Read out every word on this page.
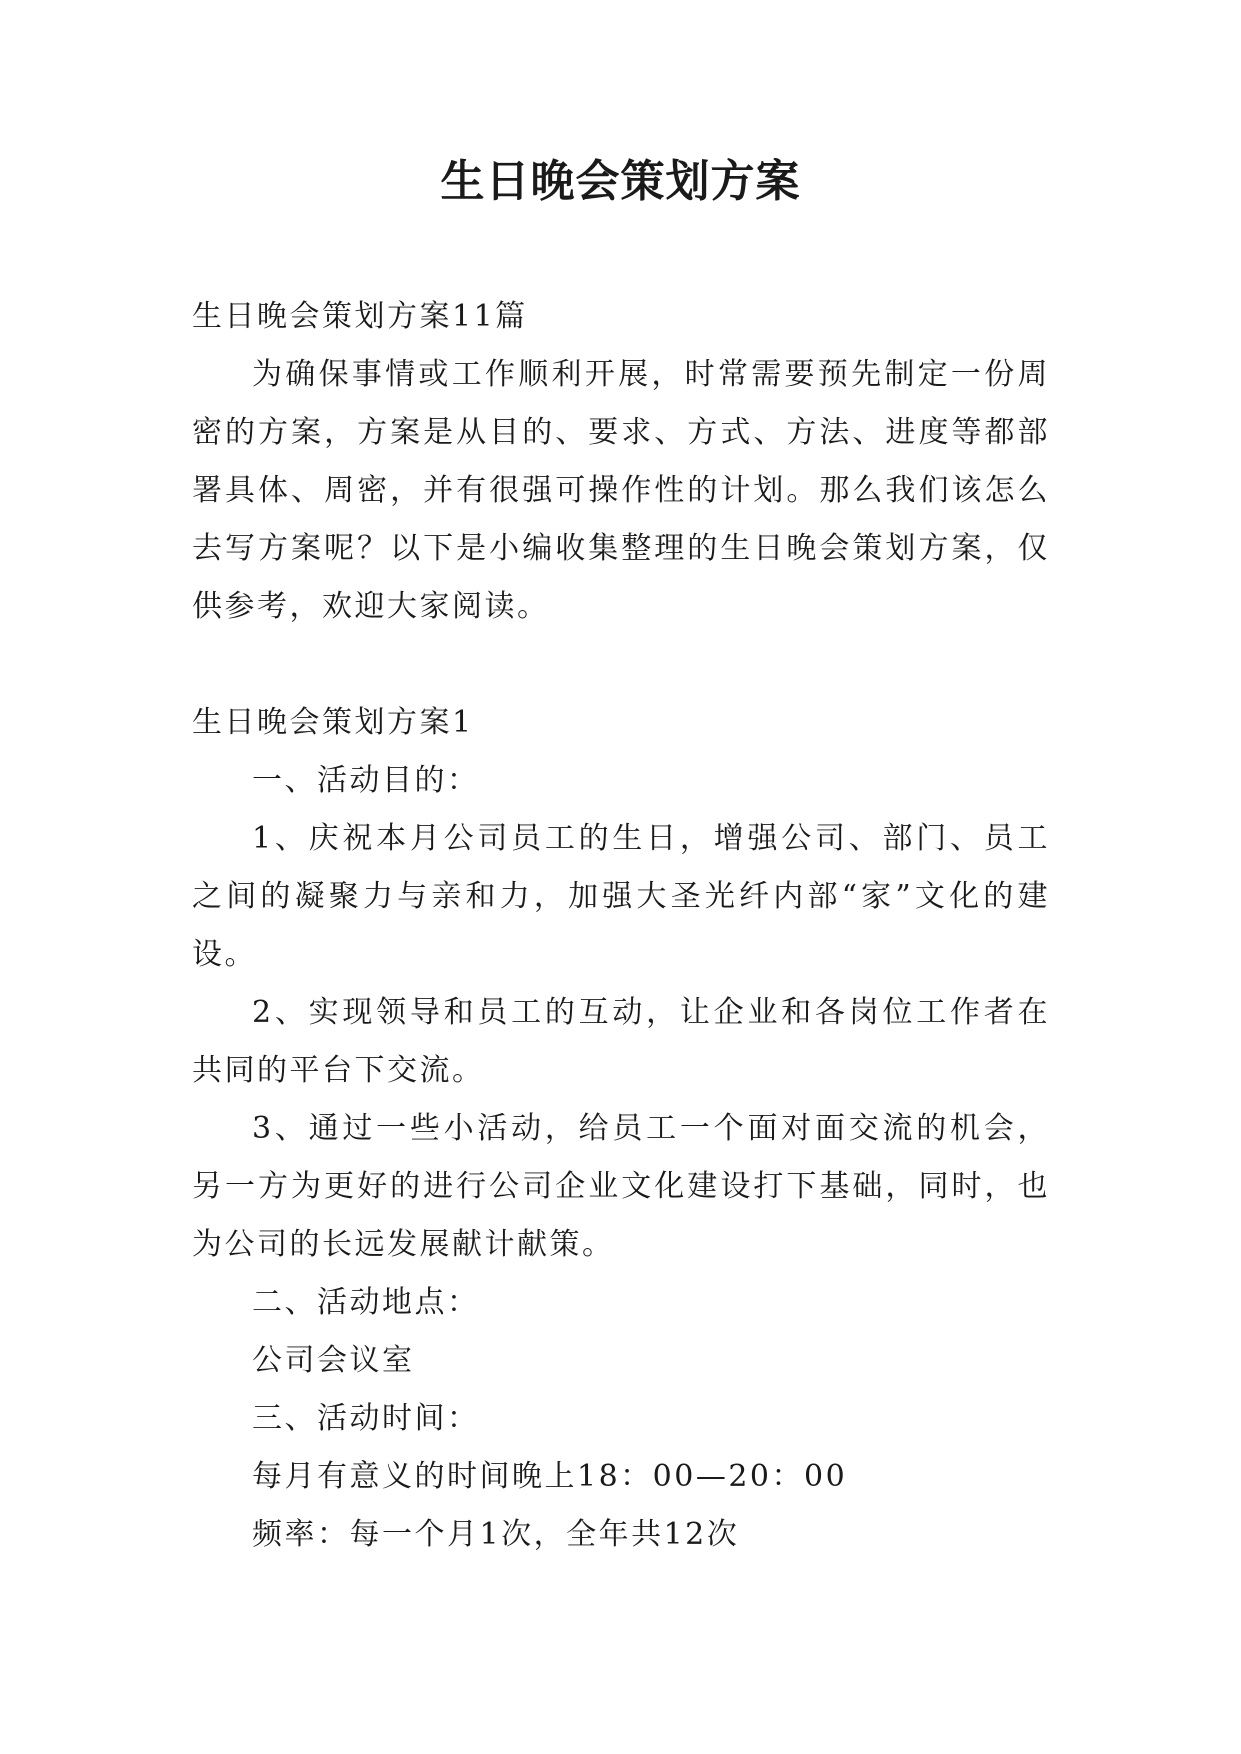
生日晚会策划方案

生日晚会策划方案11篇

为确保事情或工作顺利开展，时常需要预先制定一份周密的方案，方案是从目的、要求、方式、方法、进度等都部署具体、周密，并有很强可操作性的计划。那么我们该怎么去写方案呢？以下是小编收集整理的生日晚会策划方案，仅供参考，欢迎大家阅读。

生日晚会策划方案1

一、活动目的：

1、庆祝本月公司员工的生日，增强公司、部门、员工之间的凝聚力与亲和力，加强大圣光纤内部“家”文化的建设。

2、实现领导和员工的互动，让企业和各岗位工作者在共同的平台下交流。

3、通过一些小活动，给员工一个面对面交流的机会，另一方为更好的进行公司企业文化建设打下基础，同时，也为公司的长远发展献计献策。

二、活动地点：

公司会议室

三、活动时间：

每月有意义的时间晚上18：00—20：00

频率：每一个月1次，全年共12次
